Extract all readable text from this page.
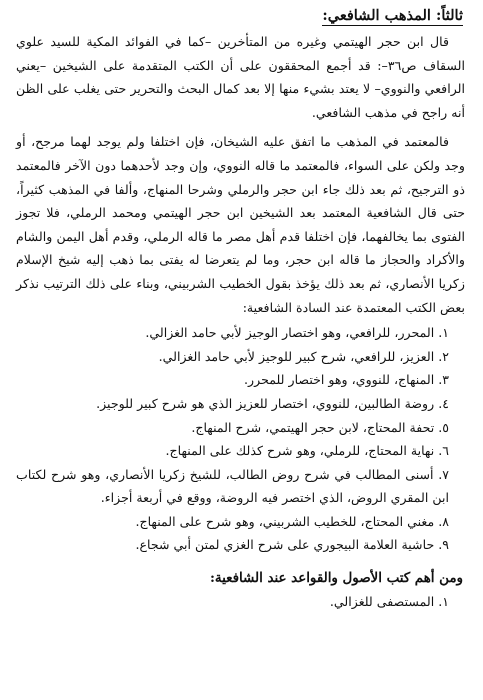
ثالثاً: المذهب الشافعي:

قال ابن حجر الهيتمي وغيره من المتأخرين –كما في الفوائد المكية للسيد علوي السقاف ص٣٦–: قد أجمع المحققون على أن الكتب المتقدمة على الشيخين –يعني الرافعي والنووي– لا يعتد بشيء منها إلا بعد كمال البحث والتحرير حتى يغلب على الظن أنه راجح في مذهب الشافعي.

فالمعتمد في المذهب ما اتفق عليه الشيخان، فإن اختلفا ولم يوجد لهما مرجح، أو وجد ولكن على السواء، فالمعتمد ما قاله النووي، وإن وجد لأحدهما دون الآخر فالمعتمد ذو الترجيح، ثم بعد ذلك جاء ابن حجر والرملي وشرحا المنهاج، وألفا في المذهب كثيراً، حتى قال الشافعية المعتمد بعد الشيخين ابن حجر الهيتمي ومحمد الرملي، فلا تجوز الفتوى بما يخالفهما، فإن اختلفا قدم أهل مصر ما قاله الرملي، وقدم أهل اليمن والشام والأكراد والحجاز ما قاله ابن حجر، وما لم يتعرضا له يفتى بما ذهب إليه شيخ الإسلام زكريا الأنصاري، ثم بعد ذلك يؤخذ بقول الخطيب الشربيني، وبناء على ذلك الترتيب نذكر بعض الكتب المعتمدة عند السادة الشافعية:

١. المحرر، للرافعي، وهو اختصار الوجيز لأبي حامد الغزالي.
٢. العزيز، للرافعي، شرح كبير للوجيز لأبي حامد الغزالي.
٣. المنهاج، للنووي، وهو اختصار للمحرر.
٤. روضة الطالبين، للنووي، اختصار للعزيز الذي هو شرح كبير للوجيز.
٥. تحفة المحتاج، لابن حجر الهيتمي، شرح المنهاج.
٦. نهاية المحتاج، للرملي، وهو شرح كذلك على المنهاج.
٧. أسنى المطالب في شرح روض الطالب، للشيخ زكريا الأنصاري، وهو شرح لكتاب ابن المقري الروض، الذي اختصر فيه الروضة، ووقع في أربعة أجزاء.
٨. مغني المحتاج، للخطيب الشربيني، وهو شرح على المنهاج.
٩. حاشية العلامة البيجوري على شرح الغزي لمتن أبي شجاع.
ومن أهم كتب الأصول والقواعد عند الشافعية:
١. المستصفى للغزالي.
